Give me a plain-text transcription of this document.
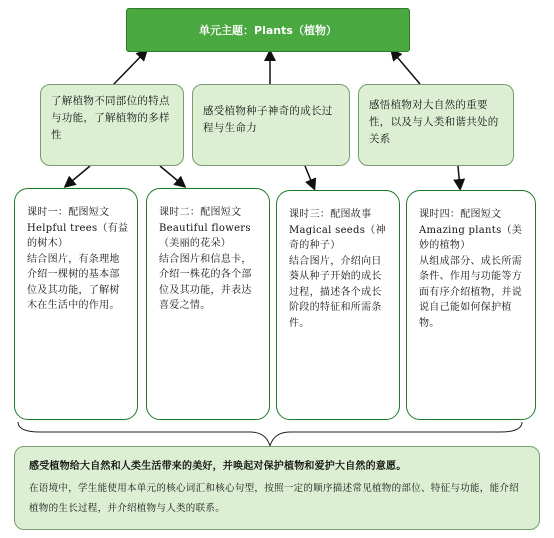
单元主题：Plants（植物）
了解植物不同部位的特点与功能，了解植物的多样性
感受植物种子神奇的成长过程与生命力
感悟植物对大自然的重要性，以及与人类和谐共处的关系
课时一：配图短文
Helpful trees（有益的树木）
结合图片，有条理地介绍一棵树的基本部位及其功能，了解树木在生活中的作用。
课时二：配图短文
Beautiful flowers（美丽的花朵）
结合图片和信息卡，介绍一株花的各个部位及其功能，并表达喜爱之情。
课时三：配图故事
Magical seeds（神奇的种子）
结合图片，介绍向日葵从种子开始的成长过程，描述各个成长阶段的特征和所需条件。
课时四：配图短文
Amazing plants（美妙的植物）
从组成部分、成长所需条件、作用与功能等方面有序介绍植物，并说说自己能如何保护植物。
感受植物给大自然和人类生活带来的美好，并唤起对保护植物和爱护大自然的意愿。
在语境中，学生能使用本单元的核心词汇和核心句型，按照一定的顺序描述常见植物的部位、特征与功能，能介绍植物的生长过程，并介绍植物与人类的联系。
